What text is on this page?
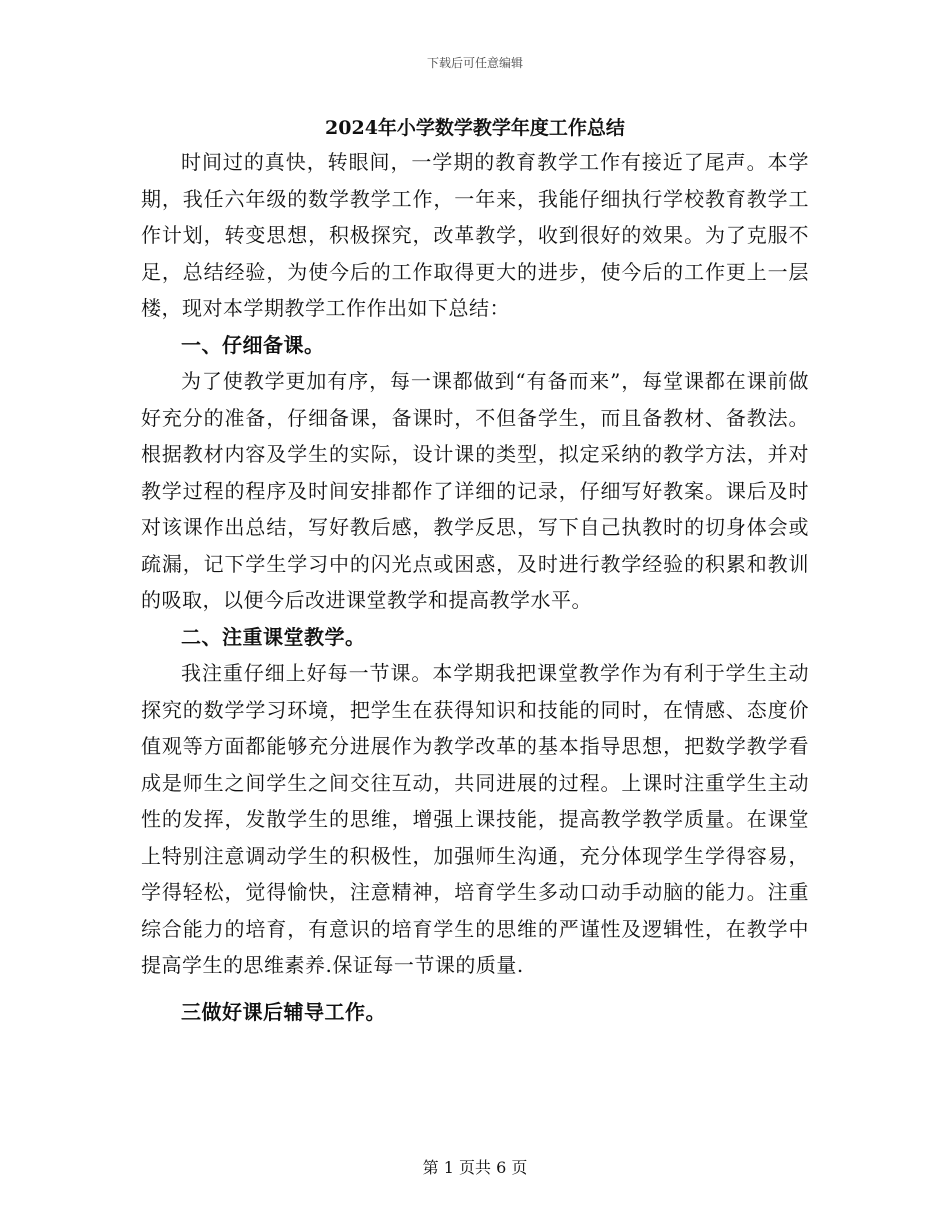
下载后可任意编辑
2024年小学数学教学年度工作总结

时间过的真快，转眼间，一学期的教育教学工作有接近了尾声。本学期，我任六年级的数学教学工作，一年来，我能仔细执行学校教育教学工作计划，转变思想，积极探究，改革教学，收到很好的效果。为了克服不足，总结经验，为使今后的工作取得更大的进步，使今后的工作更上一层楼，现对本学期教学工作作出如下总结：

一、仔细备课。

为了使教学更加有序，每一课都做到“有备而来”，每堂课都在课前做好充分的准备，仔细备课，备课时，不但备学生，而且备教材、备教法。根据教材内容及学生的实际，设计课的类型，拟定采纳的教学方法，并对教学过程的程序及时间安排都作了详细的记录，仔细写好教案。课后及时对该课作出总结，写好教后感，教学反思，写下自己执教时的切身体会或疏漏，记下学生学习中的闪光点或困惑，及时进行教学经验的积累和教训的吸取，以便今后改进课堂教学和提高教学水平。

二、注重课堂教学。

我注重仔细上好每一节课。本学期我把课堂教学作为有利于学生主动探究的数学学习环境，把学生在获得知识和技能的同时，在情感、态度价值观等方面都能够充分进展作为教学改革的基本指导思想，把数学教学看成是师生之间学生之间交往互动，共同进展的过程。上课时注重学生主动性的发挥，发散学生的思维，增强上课技能，提高教学教学质量。在课堂上特别注意调动学生的积极性，加强师生沟通，充分体现学生学得容易，学得轻松，觉得愉快，注意精神，培育学生多动口动手动脑的能力。注重综合能力的培育，有意识的培育学生的思维的严谨性及逻辑性，在教学中提高学生的思维素养.保证每一节课的质量.

三做好课后辅导工作。
第 1 页共 6 页
